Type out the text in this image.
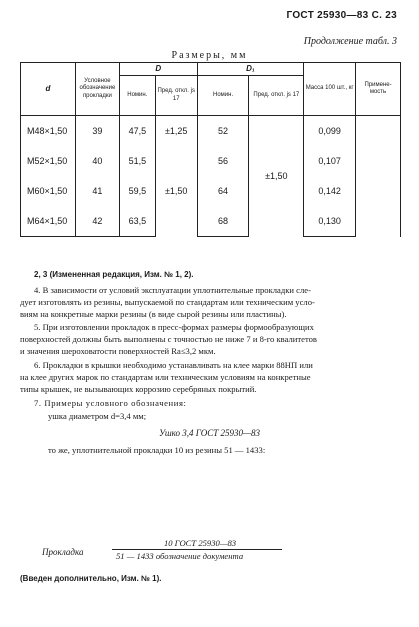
ГОСТ 25930—83 С. 23
Продолжение табл. 3
Размеры, мм
d	Условное обозначение прокладки	D		D₁		Масса 100 шт., кг	Примене-мость
		Номин.	Пред. откл. js 17	Номин.	Пред. откл. js 17		
M48×1,50	39	47,5	±1,25	52	±1,50	0,099	
M52×1,50	40	51,5	±1,50	56		0,107	
M60×1,50	41	59,5		64		0,142	
M64×1,50	42	63,5		68		0,130	
2, 3 (Измененная редакция, Изм. № 1, 2).
4. В зависимости от условий эксплуатации уплотнительные прокладки сле-
дует изготовлять из резины, выпускаемой по стандартам или техническим усло-
виям на конкретные марки резины (в виде сырой резины или пластины).
5. При изготовлении прокладок в пресс-формах размеры формообразующих
поверхностей должны быть выполнены с точностью не ниже 7 и 8-го квалитетов
и значения шероховатости поверхностей Ra≤3,2 мкм.
6. Прокладки в крышки необходимо устанавливать на клее марки 88НП или
на клее других марок по стандартам или техническим условиям на конкретные
типы крышек, не вызывающих коррозию серебряных покрытий.
7. Примеры условного обозначения:
ушка диаметром d=3,4 мм;
Ушко 3,4 ГОСТ 25930—83
то же, уплотнительной прокладки 10 из резины 51 — 1433:
Прокладка
10 ГОСТ 25930—83
51 — 1433 обозначение документа
(Введен дополнительно, Изм. № 1).
